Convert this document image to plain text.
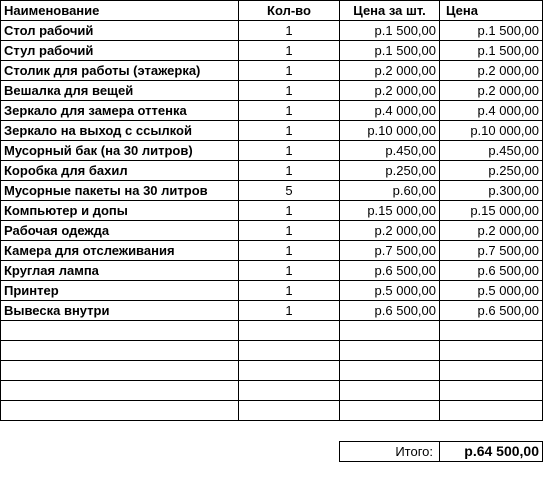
Наименование	Кол-во	Цена за шт.	Цена
Стол рабочий	1	р.1 500,00	р.1 500,00
Стул рабочий	1	р.1 500,00	р.1 500,00
Столик для работы (этажерка)	1	р.2 000,00	р.2 000,00
Вешалка для вещей	1	р.2 000,00	р.2 000,00
Зеркало для замера оттенка	1	р.4 000,00	р.4 000,00
Зеркало на выход с ссылкой	1	р.10 000,00	р.10 000,00
Мусорный бак (на 30 литров)	1	р.450,00	р.450,00
Коробка для бахил	1	р.250,00	р.250,00
Мусорные пакеты на 30 литров	5	р.60,00	р.300,00
Компьютер и допы	1	р.15 000,00	р.15 000,00
Рабочая одежда	1	р.2 000,00	р.2 000,00
Камера для отслеживания	1	р.7 500,00	р.7 500,00
Круглая лампа	1	р.6 500,00	р.6 500,00
Принтер	1	р.5 000,00	р.5 000,00
Вывеска внутри	1	р.6 500,00	р.6 500,00

		Итого:	р.64 500,00
